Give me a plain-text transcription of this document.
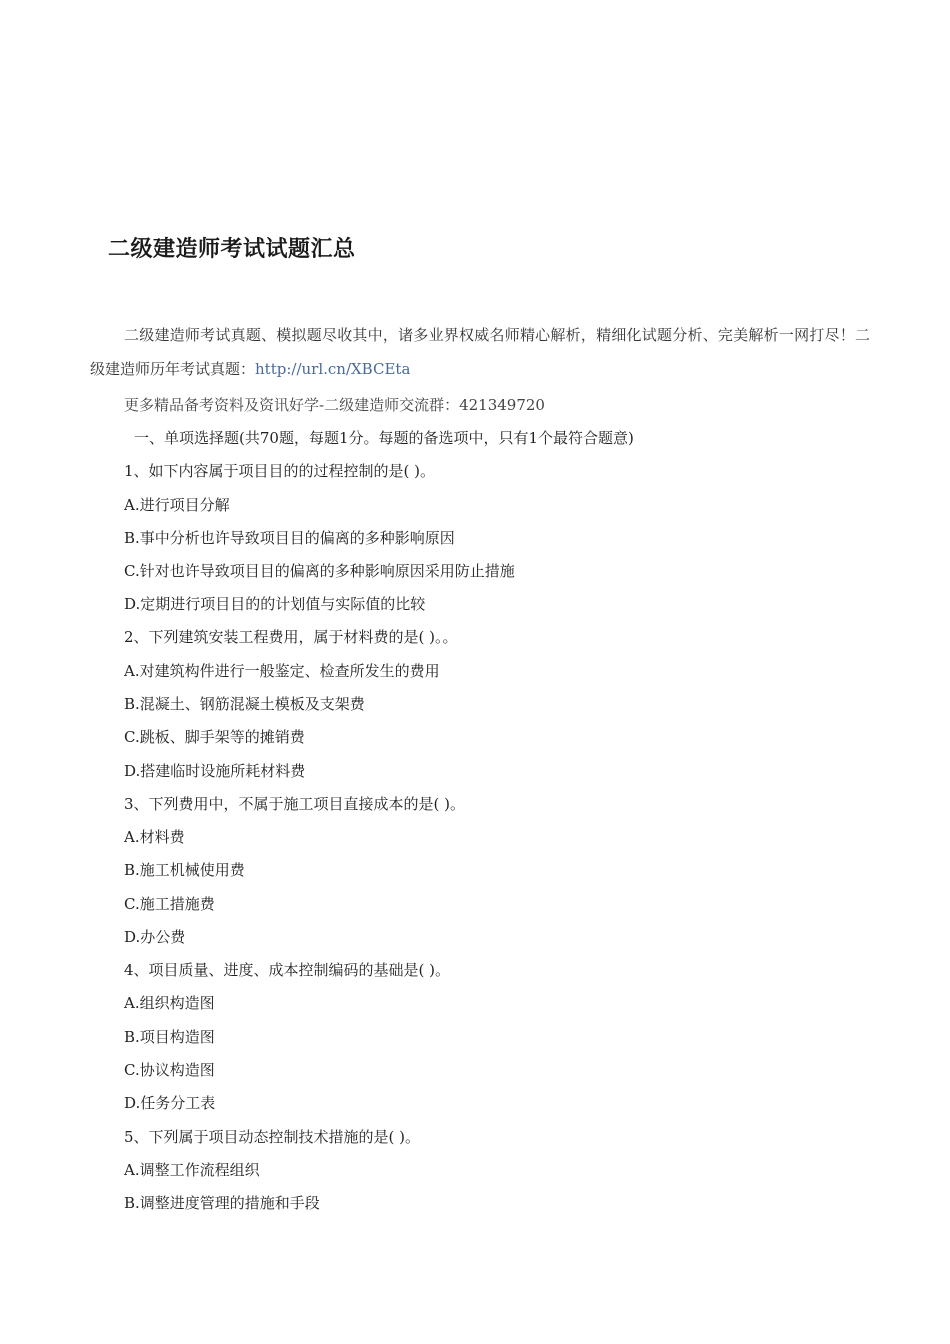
二级建造师考试试题汇总

二级建造师考试真题、模拟题尽收其中，诸多业界权威名师精心解析，精细化试题分析、完美解析一网打尽！二级建造师历年考试真题：http://url.cn/XBCEta

更多精品备考资料及资讯好学-二级建造师交流群：421349720

一、单项选择题(共70题，每题1分。每题的备选项中，只有1个最符合题意)

1、如下内容属于项目目的的过程控制的是( )。

A.进行项目分解

B.事中分析也许导致项目目的偏离的多种影响原因

C.针对也许导致项目目的偏离的多种影响原因采用防止措施

D.定期进行项目目的的计划值与实际值的比较

2、下列建筑安装工程费用，属于材料费的是( )。。

A.对建筑构件进行一般鉴定、检查所发生的费用

B.混凝土、钢筋混凝土模板及支架费

C.跳板、脚手架等的摊销费

D.搭建临时设施所耗材料费

3、下列费用中，不属于施工项目直接成本的是( )。

A.材料费

B.施工机械使用费

C.施工措施费

D.办公费

4、项目质量、进度、成本控制编码的基础是( )。

A.组织构造图

B.项目构造图

C.协议构造图

D.任务分工表

5、下列属于项目动态控制技术措施的是( )。

A.调整工作流程组织

B.调整进度管理的措施和手段
